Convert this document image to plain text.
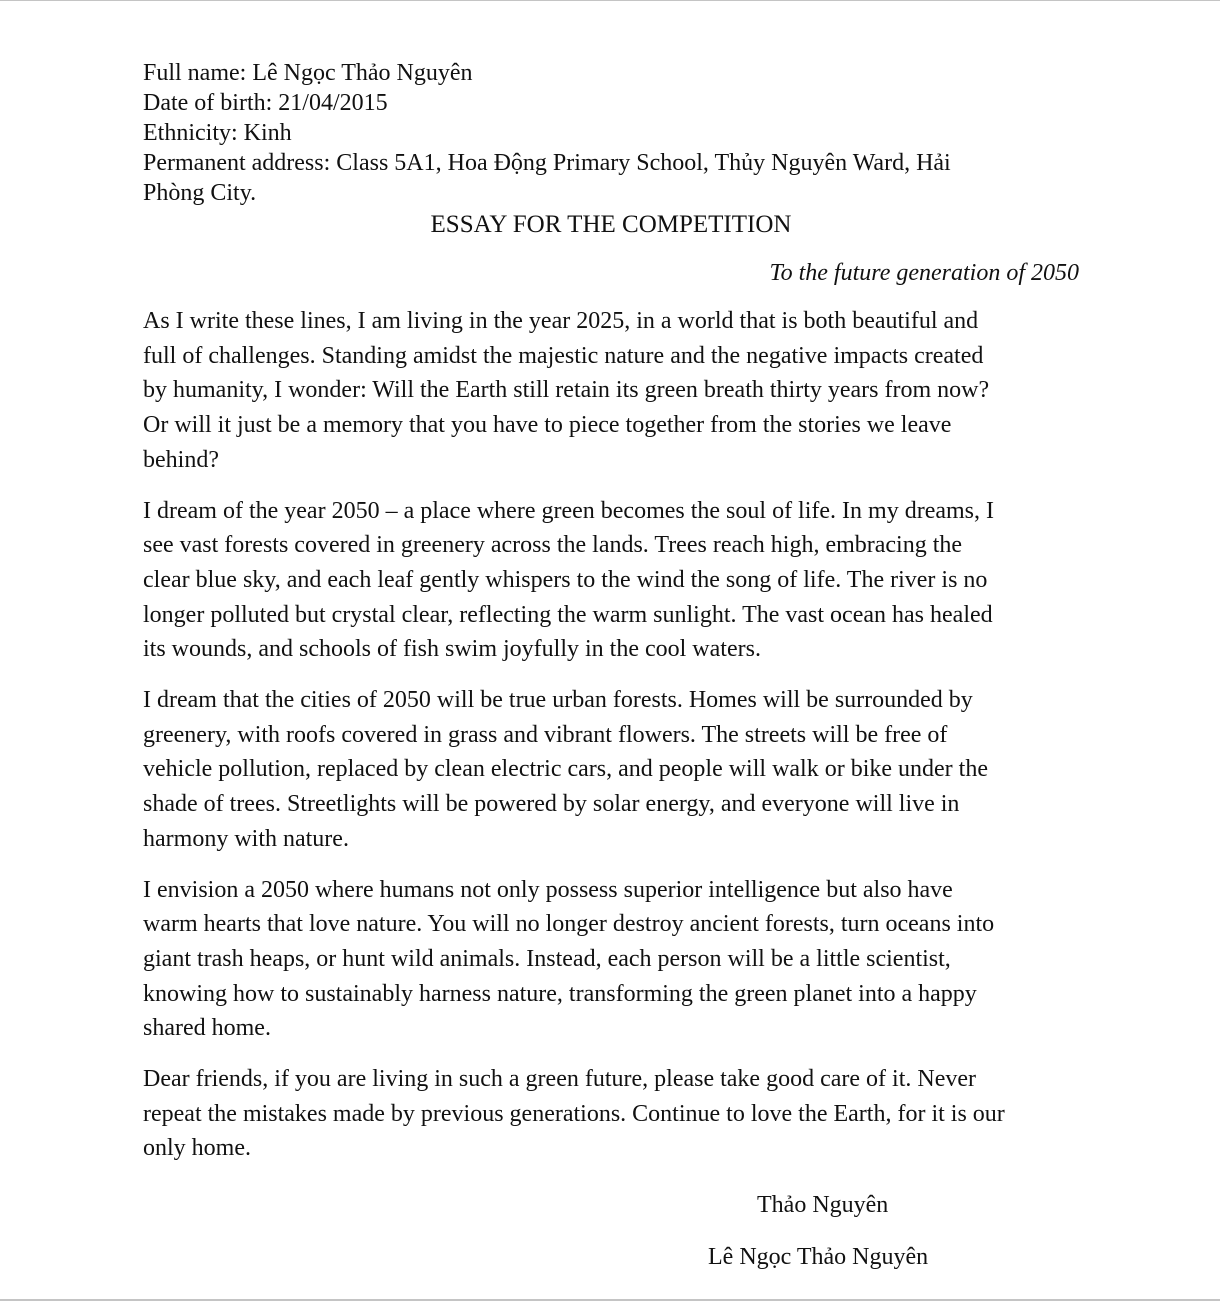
Full name: Lê Ngọc Thảo Nguyên

Date of birth: 21/04/2015

Ethnicity: Kinh

Permanent address: Class 5A1, Hoa Động Primary School, Thủy Nguyên Ward, Hải

Phòng City.

ESSAY FOR THE COMPETITION

To the future generation of 2050

As I write these lines, I am living in the year 2025, in a world that is both beautiful and
full of challenges. Standing amidst the majestic nature and the negative impacts created
by humanity, I wonder: Will the Earth still retain its green breath thirty years from now?
Or will it just be a memory that you have to piece together from the stories we leave
behind?

I dream of the year 2050 – a place where green becomes the soul of life. In my dreams, I
see vast forests covered in greenery across the lands. Trees reach high, embracing the
clear blue sky, and each leaf gently whispers to the wind the song of life. The river is no
longer polluted but crystal clear, reflecting the warm sunlight. The vast ocean has healed
its wounds, and schools of fish swim joyfully in the cool waters.

I dream that the cities of 2050 will be true urban forests. Homes will be surrounded by
greenery, with roofs covered in grass and vibrant flowers. The streets will be free of
vehicle pollution, replaced by clean electric cars, and people will walk or bike under the
shade of trees. Streetlights will be powered by solar energy, and everyone will live in
harmony with nature.

I envision a 2050 where humans not only possess superior intelligence but also have
warm hearts that love nature. You will no longer destroy ancient forests, turn oceans into
giant trash heaps, or hunt wild animals. Instead, each person will be a little scientist,
knowing how to sustainably harness nature, transforming the green planet into a happy
shared home.

Dear friends, if you are living in such a green future, please take good care of it. Never
repeat the mistakes made by previous generations. Continue to love the Earth, for it is our
only home.

Thảo Nguyên
Lê Ngọc Thảo Nguyên
